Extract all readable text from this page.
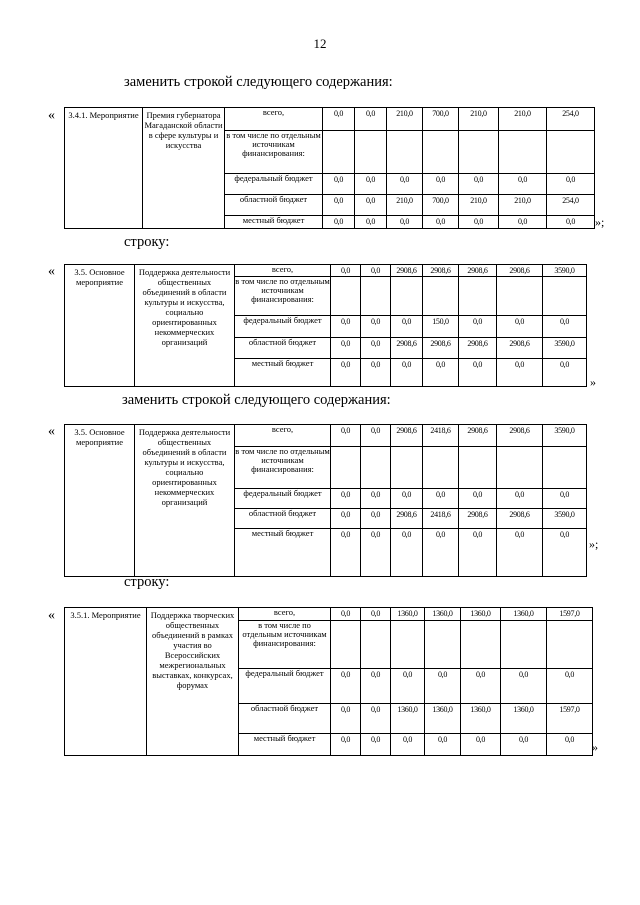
12
заменить строкой следующего содержания:
« 3.4.1. Мероприятие	Премия губернатора Магаданской области в сфере культуры и искусства	всего,	0,0	0,0	210,0	700,0	210,0	210,0	254,0
		в том числе по отдельным источникам финансирования:							
		федеральный бюджет	0,0	0,0	0,0	0,0	0,0	0,0	0,0
		областной бюджет	0,0	0,0	210,0	700,0	210,0	210,0	254,0
		местный бюджет	0,0	0,0	0,0	0,0	0,0	0,0	0,0 »;
строку:
« 3.5. Основное мероприятие	Поддержка деятельности общественных объединений в области культуры и искусства, социально ориентированных некоммерческих организаций	всего,	0,0	0,0	2908,6	2908,6	2908,6	2908,6	3590,0
		в том числе по отдельным источникам финансирования:							
		федеральный бюджет	0,0	0,0	0,0	150,0	0,0	0,0	0,0
		областной бюджет	0,0	0,0	2908,6	2908,6	2908,6	2908,6	3590,0
		местный бюджет	0,0	0,0	0,0	0,0	0,0	0,0	0,0
»
заменить строкой следующего содержания:
« 3.5. Основное мероприятие	Поддержка деятельности общественных объединений в области культуры и искусства, социально ориентированных некоммерческих организаций	всего,	0,0	0,0	2908,6	2418,6	2908,6	2908,6	3590,0
		в том числе по отдельным источникам финансирования:							
		федеральный бюджет	0,0	0,0	0,0	0,0	0,0	0,0	0,0
		областной бюджет	0,0	0,0	2908,6	2418,6	2908,6	2908,6	3590,0
		местный бюджет	0,0	0,0	0,0	0,0	0,0	0,0	0,0
»;
строку:
« 3.5.1. Мероприятие	Поддержка творческих общественных объединений в рамках участия во Всероссийских межрегиональных выставках, конкурсах, форумах	всего,	0,0	0,0	1360,0	1360,0	1360,0	1360,0	1597,0
		в том числе по отдельным источникам финансирования:							
		федеральный бюджет	0,0	0,0	0,0	0,0	0,0	0,0	0,0
		областной бюджет	0,0	0,0	1360,0	1360,0	1360,0	1360,0	1597,0
		местный бюджет	0,0	0,0	0,0	0,0	0,0	0,0	0,0
»
